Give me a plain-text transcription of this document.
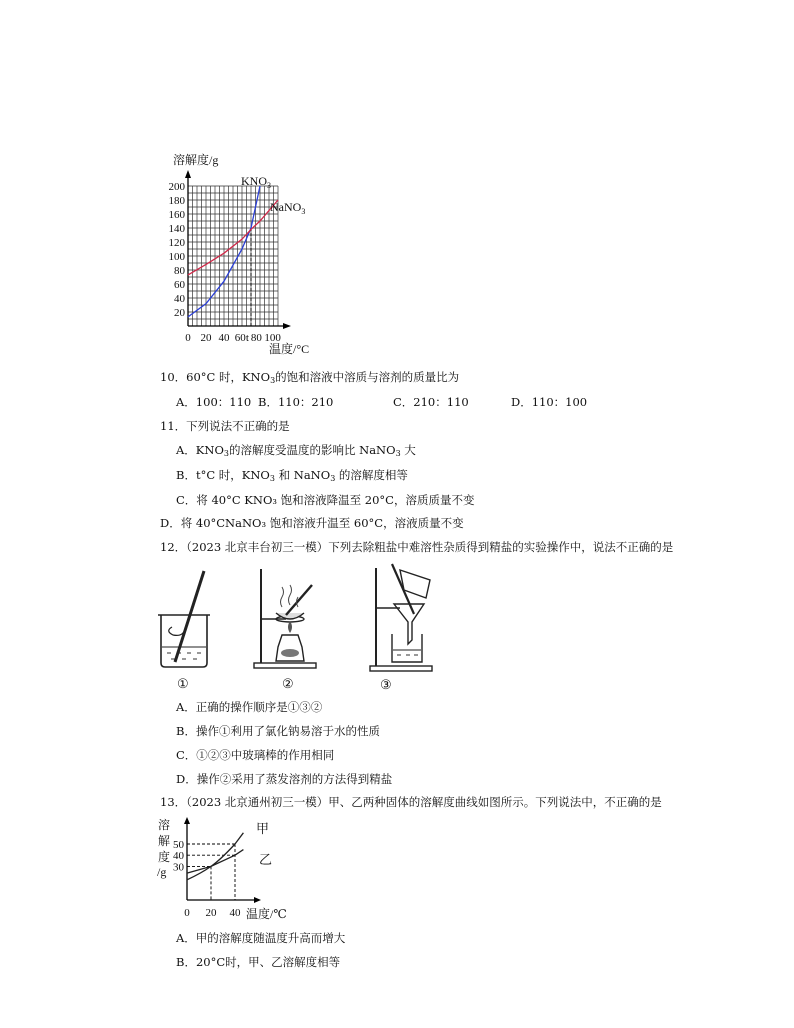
溶解度/g
温度/°C
200
180
160
140
120
100
80
60
40
20
0 20 40 60 t 80 100
$KNO_3$
NaNO$_3$
10．60°C 时，$KNO_3$的饱和溶液中溶质与溶剂的质量比为
A．100：110 B．110：210	C．210：110	D．110：100
11．下列说法不正确的是
A．$KNO_3$的溶解度受温度的影响比 NaNO$_3$ 大
B．t°C 时，$KNO_3$ 和 NaNO$_3$ 的溶解度相等
C．将 40°C KNO₃ 饱和溶液降温至 20°C，溶质质量不变
D．将 40°CNaNO₃ 饱和溶液升温至 60°C，溶液质量不变
12．（2023 北京丰台初三一模）下列去除粗盐中难溶性杂质得到精盐的实验操作中，说法不正确的是
①	②	③
A．正确的操作顺序是①③②
B．操作①利用了氯化钠易溶于水的性质
C．①②③中玻璃棒的作用相同
D．操作②采用了蒸发溶剂的方法得到精盐
13．（2023 北京通州初三一模）甲、乙两种固体的溶解度曲线如图所示。下列说法中，不正确的是
溶
解
度
/g
50
40
30
0 20 40
甲
乙
温度/℃
A．甲的溶解度随温度升高而增大
B．20°C时，甲、乙溶解度相等
